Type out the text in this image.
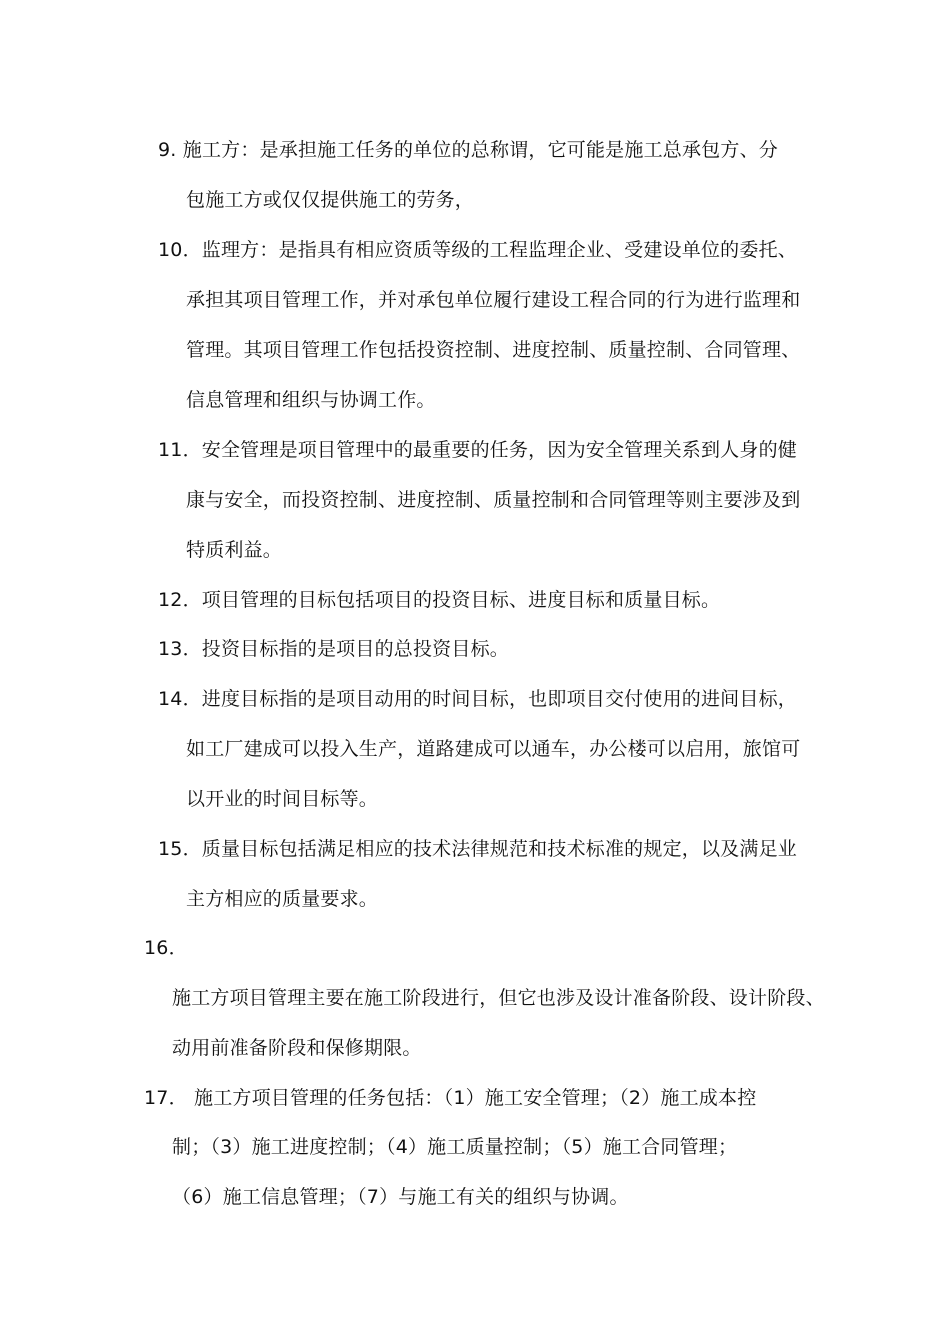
9. 施工方：是承担施工任务的单位的总称谓，它可能是施工总承包方、分
包施工方或仅仅提供施工的劳务，
10．监理方：是指具有相应资质等级的工程监理企业、受建设单位的委托、
承担其项目管理工作，并对承包单位履行建设工程合同的行为进行监理和
管理。其项目管理工作包括投资控制、进度控制、质量控制、合同管理、
信息管理和组织与协调工作。
11．安全管理是项目管理中的最重要的任务，因为安全管理关系到人身的健
康与安全，而投资控制、进度控制、质量控制和合同管理等则主要涉及到
特质利益。
12．项目管理的目标包括项目的投资目标、进度目标和质量目标。
13．投资目标指的是项目的总投资目标。
14．进度目标指的是项目动用的时间目标，也即项目交付使用的进间目标，
如工厂建成可以投入生产，道路建成可以通车，办公楼可以启用，旅馆可
以开业的时间目标等。
15．质量目标包括满足相应的技术法律规范和技术标准的规定，以及满足业
主方相应的质量要求。
16．
施工方项目管理主要在施工阶段进行，但它也涉及设计准备阶段、设计阶段、
动用前准备阶段和保修期限。
17． 施工方项目管理的任务包括：（1）施工安全管理；（2）施工成本控
制；（3）施工进度控制；（4）施工质量控制；（5）施工合同管理；
（6）施工信息管理；（7）与施工有关的组织与协调。
